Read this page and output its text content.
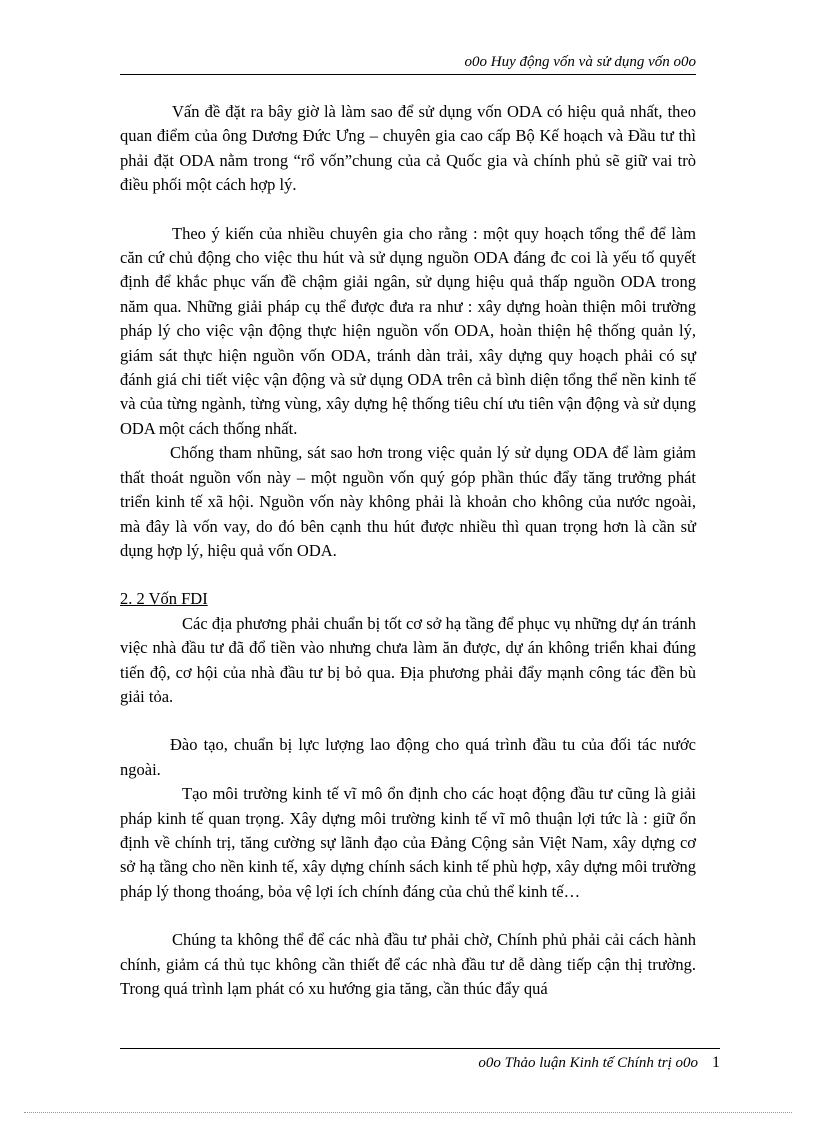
o0o Huy động vốn và sử dụng vốn o0o

Vấn đề đặt ra bây giờ là làm sao để sử dụng vốn ODA có hiệu quả nhất, theo quan điểm của ông Dương Đức Ưng – chuyên gia cao cấp Bộ Kế hoạch và Đầu tư thì phải đặt ODA nằm trong “rổ vốn”chung của cả Quốc gia và chính phủ sẽ giữ vai trò điều phối một cách hợp lý.

Theo ý kiến của nhiều chuyên gia cho rằng : một quy hoạch tổng thể để làm căn cứ chủ động cho việc thu hút và sử dụng nguồn ODA đáng đc coi là yếu tố quyết định để khắc phục vấn đề chậm giải ngân, sử dụng hiệu quả thấp nguồn ODA trong năm qua. Những giải pháp cụ thể được đưa ra như : xây dựng hoàn thiện môi trường pháp lý cho việc vận động thực hiện nguồn vốn ODA, hoàn thiện hệ thống quản lý, giám sát thực hiện nguồn vốn ODA, tránh dàn trải, xây dựng quy hoạch phải có sự đánh giá chi tiết việc vận động và sử dụng ODA trên cả bình diện tổng thể nền kinh tế và của từng ngành, từng vùng, xây dựng hệ thống tiêu chí ưu tiên vận động và sử dụng ODA một cách thống nhất.

Chống tham nhũng, sát sao hơn trong việc quản lý sử dụng ODA để làm giảm thất thoát nguồn vốn này – một nguồn vốn quý góp phần thúc đẩy tăng trưởng phát triển kinh tế xã hội. Nguồn vốn này không phải là khoản cho không của nước ngoài, mà đây là vốn vay, do đó bên cạnh thu hút được nhiều thì quan trọng hơn là cần sử dụng hợp lý, hiệu quả vốn ODA.

2. 2 Vốn FDI

Các địa phương phải chuẩn bị tốt cơ sở hạ tầng để phục vụ những dự án tránh việc nhà đầu tư đã đổ tiền vào nhưng chưa làm ăn được, dự án không triển khai đúng tiến độ, cơ hội của nhà đầu tư bị bỏ qua. Địa phương phải đẩy mạnh công tác đền bù giải tỏa.

Đào tạo, chuẩn bị lực lượng lao động cho quá trình đầu tu của đối tác nước ngoài.

Tạo môi trường kinh tế vĩ mô ổn định cho các hoạt động đầu tư cũng là giải pháp kinh tế quan trọng. Xây dựng môi trường kinh tế vĩ mô thuận lợi tức là : giữ ổn định về chính trị, tăng cường sự lãnh đạo của Đảng Cộng sản Việt Nam, xây dựng cơ sở hạ tầng cho nền kinh tế, xây dựng chính sách kinh tế phù hợp, xây dựng môi trường pháp lý thong thoáng, bỏa vệ lợi ích chính đáng của chủ thể kinh tế…

Chúng ta không thể để các nhà đầu tư phải chờ, Chính phủ phải cải cách hành chính, giảm cá thủ tục không cần thiết để các nhà đầu tư dễ dàng tiếp cận thị trường. Trong quá trình lạm phát có xu hướng gia tăng, cần thúc đẩy quá

o0o Thảo luận Kinh tế Chính trị o0o 1
